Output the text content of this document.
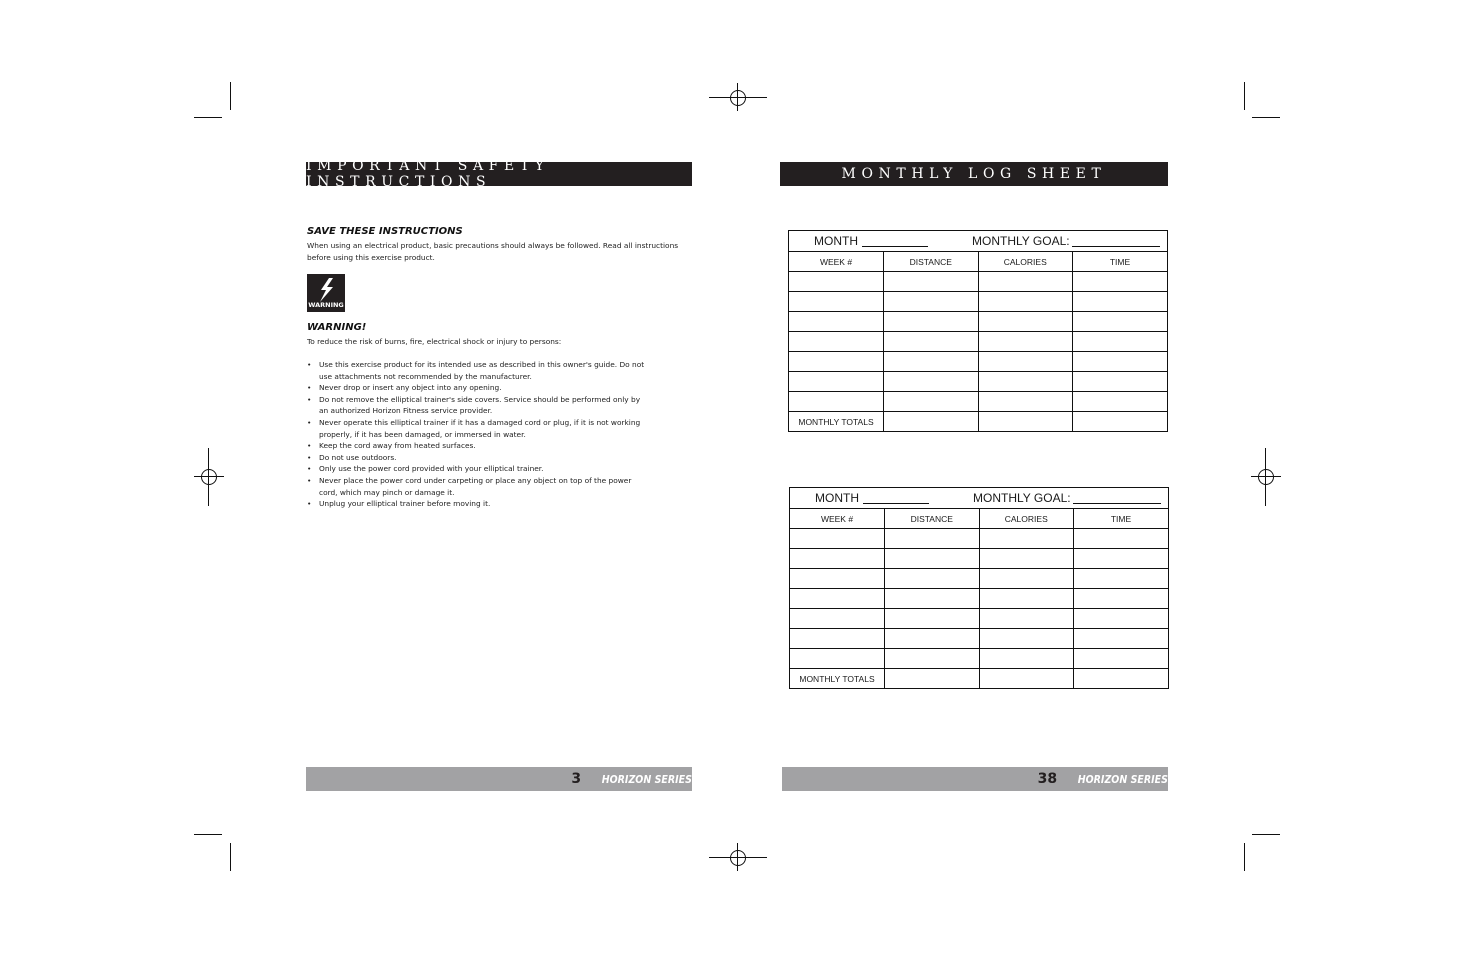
IMPORTANT SAFETY INSTRUCTIONS
SAVE THESE INSTRUCTIONS
When using an electrical product, basic precautions should always be followed. Read all instructions
before using this exercise product.
WARNING
WARNING!
To reduce the risk of burns, fire, electrical shock or injury to persons:
• Use this exercise product for its intended use as described in this owner's guide. Do not use attachments not recommended by the manufacturer.
• Never drop or insert any object into any opening.
• Do not remove the elliptical trainer's side covers. Service should be performed only by an authorized Horizon Fitness service provider.
• Never operate this elliptical trainer if it has a damaged cord or plug, if it is not working properly, if it has been damaged, or immersed in water.
• Keep the cord away from heated surfaces.
• Do not use outdoors.
• Only use the power cord provided with your elliptical trainer.
• Never place the power cord under carpeting or place any object on top of the power cord, which may pinch or damage it.
• Unplug your elliptical trainer before moving it.
3 HORIZON SERIES
MONTHLY LOG SHEET
MONTH	MONTHLY GOAL:
WEEK #	DISTANCE	CALORIES	TIME

MONTHLY TOTALS			
MONTH	MONTHLY GOAL:
WEEK #	DISTANCE	CALORIES	TIME

MONTHLY TOTALS			
38 HORIZON SERIES
